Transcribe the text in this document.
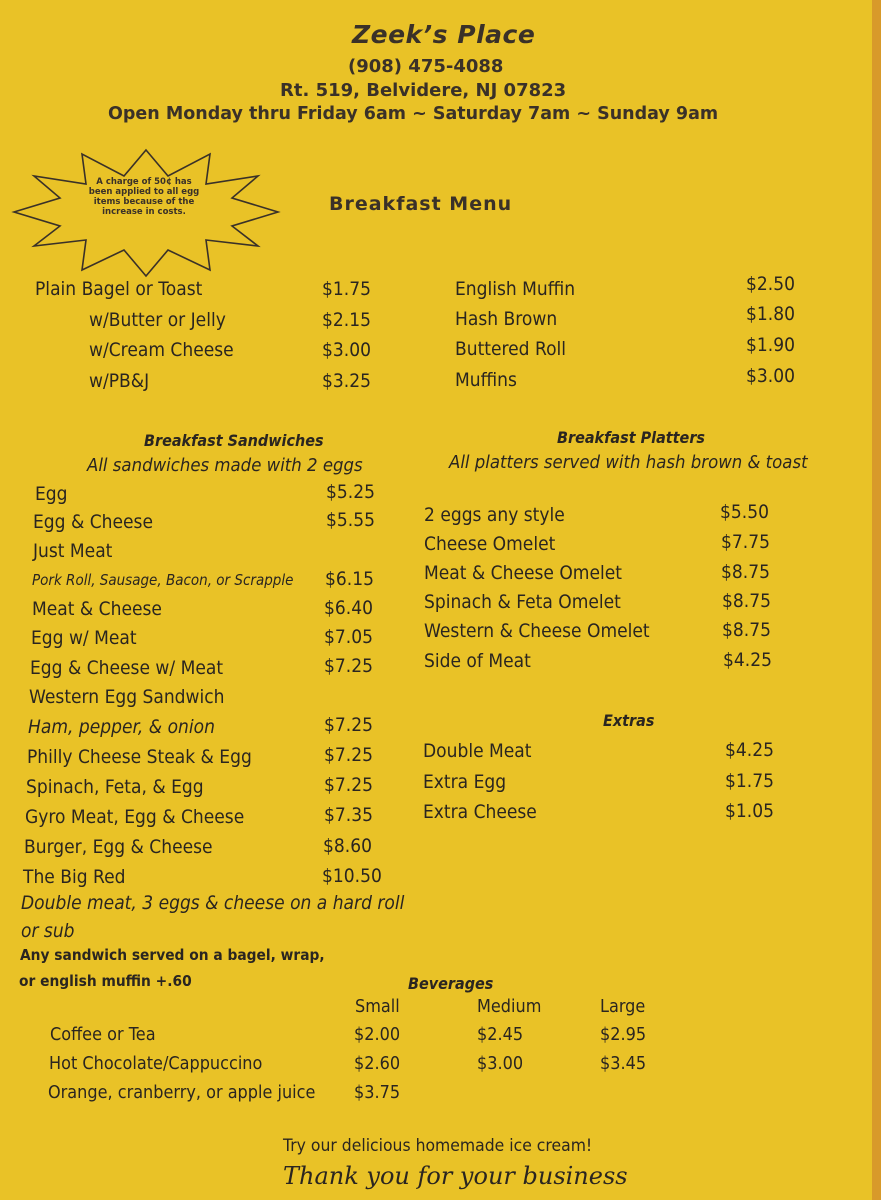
Zeek’s Place
(908) 475-4088
Rt. 519, Belvidere, NJ 07823
Open Monday thru Friday 6am ~ Saturday 7am ~ Sunday 9am
A charge of 50¢ has been applied to all egg items because of the increase in costs.	Breakfast Menu
Plain Bagel or Toast	$1.75
w/Butter or Jelly	$2.15
w/Cream Cheese	$3.00
w/PB&J	$3.25
English Muffin	$2.50
Hash Brown	$1.80
Buttered Roll	$1.90
Muffins	$3.00
Breakfast Sandwiches
All sandwiches made with 2 eggs
Egg	$5.25
Egg & Cheese	$5.55
Just Meat
Pork Roll, Sausage, Bacon, or Scrapple $6.15
Meat & Cheese	$6.40
Egg w/ Meat	$7.05
Egg & Cheese w/ Meat	$7.25
Western Egg Sandwich
Ham, pepper, & onion	$7.25
Philly Cheese Steak & Egg	$7.25
Spinach, Feta, & Egg	$7.25
Gyro Meat, Egg & Cheese	$7.35
Burger, Egg & Cheese	$8.60
The Big Red	$10.50
Double meat, 3 eggs & cheese on a hard roll
or sub
Any sandwich served on a bagel, wrap,
or english muffin +.60
Breakfast Platters
All platters served with hash brown & toast
2 eggs any style	$5.50
Cheese Omelet	$7.75
Meat & Cheese Omelet	$8.75
Spinach & Feta Omelet	$8.75
Western & Cheese Omelet	$8.75
Side of Meat	$4.25
Extras
Double Meat	$4.25
Extra Egg	$1.75
Extra Cheese	$1.05
Beverages
Small	Medium	Large
Coffee or Tea	$2.00	$2.45	$2.95
Hot Chocolate/Cappuccino	$2.60	$3.00	$3.45
Orange, cranberry, or apple juice $3.75
Try our delicious homemade ice cream!
Thank you for your business
